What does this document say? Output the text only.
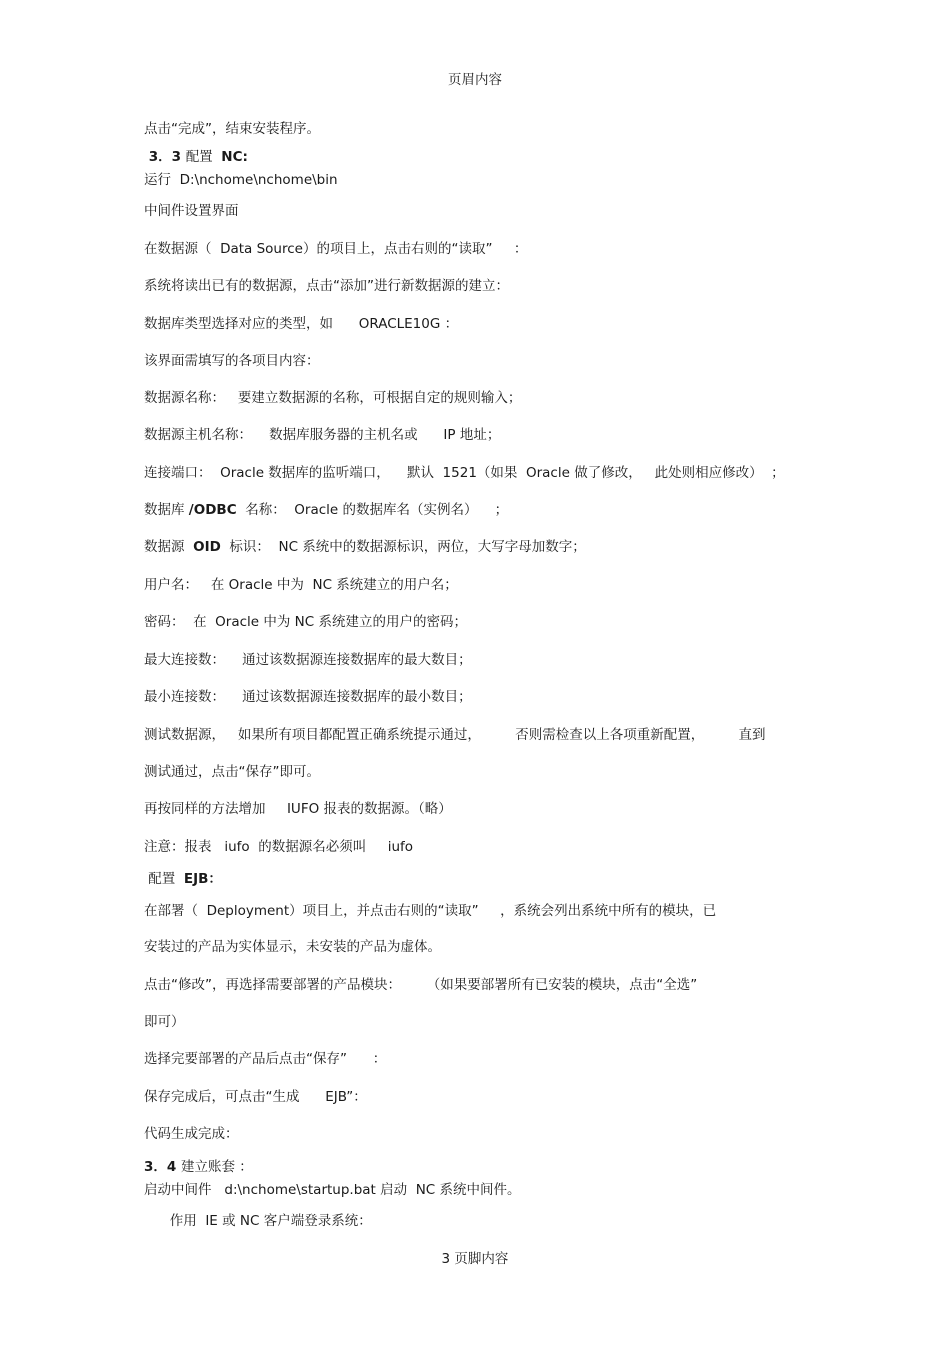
页眉内容
点击“完成”，结束安装程序。
3．3 配置  NC:
运行  D:\nchome\nchome\bin
中间件设置界面
在数据源（  Data Source）的项目上，点击右则的“读取”     ：
系统将读出已有的数据源，点击“添加”进行新数据源的建立：
数据库类型选择对应的类型，如      ORACLE10G ：
该界面需填写的各项目内容：
数据源名称：   要建立数据源的名称，可根据自定的规则输入；
数据源主机名称：    数据库服务器的主机名或      IP 地址；
连接端口：  Oracle 数据库的监听端口，    默认  1521（如果  Oracle 做了修改，   此处则相应修改）  ；
数据库 /ODBC  名称：  Oracle 的数据库名（实例名）    ；
数据源  OID  标识：  NC 系统中的数据源标识，两位，大写字母加数字；
用户名：   在 Oracle 中为  NC 系统建立的用户名；
密码：  在  Oracle 中为 NC 系统建立的用户的密码；
最大连接数：    通过该数据源连接数据库的最大数目；
最小连接数：    通过该数据源连接数据库的最小数目；
测试数据源，   如果所有项目都配置正确系统提示通过，        否则需检查以上各项重新配置，        直到
测试通过，点击“保存”即可。
再按同样的方法增加     IUFO 报表的数据源。（略）
注意：报表   iufo  的数据源名必须叫     iufo
配置  EJB：
在部署（  Deployment）项目上，并点击右则的“读取”     ，系统会列出系统中所有的模块，已
安装过的产品为实体显示，未安装的产品为虚体。
点击“修改”，再选择需要部署的产品模块：      （如果要部署所有已安装的模块，点击“全选”
即可）
选择完要部署的产品后点击“保存”      ：
保存完成后，可点击“生成      EJB”：
代码生成完成：
3．4 建立账套 ：
启动中间件   d:\nchome\startup.bat 启动  NC 系统中间件。
作用  IE 或 NC 客户端登录系统：
3 页脚内容
